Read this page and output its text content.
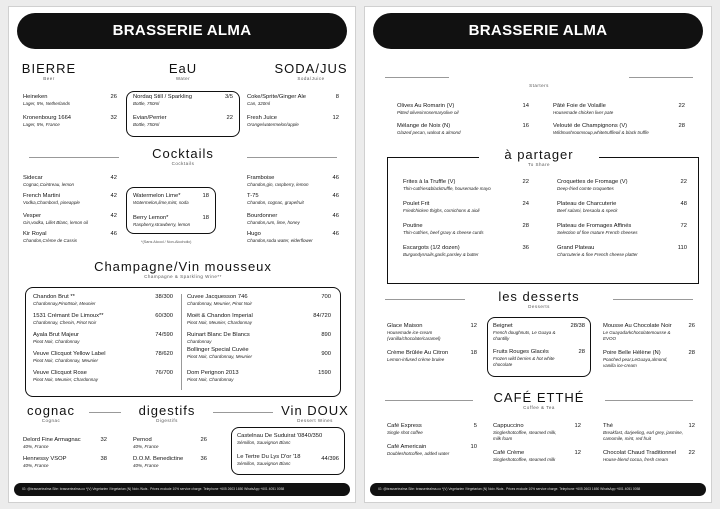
BRASSERIE ALMA
BIERRE
Beer
EaU
Water
SODA/JUS
Soda/Juice
Heineken
Lager, 5%, Netherlands
26
Kronenbourg 1664
Lager, 5%, France
32
Nordaq Still / Sparkling
Bottle, 750ml
3/5
Evian/Perrier
Bottle, 750ml
22
Coke/Sprite/Ginger Ale
Can, 320ml
8
Fresh Juice
Orange/watermelon/apple
12
Cocktails
Cocktails
Sidecar
Cognac,Cointreau, lemon
42
French Martini
Vodka,Chambord, pineapple
42
Vesper
Gin,vodka, Lillet Blanc, lemon oil
42
Kir Royal
Chandon,Crème de Cassis
46
Watermelon Lime*
Watermelon,lime,mint, soda
18
Berry Lemon*
Raspberry,strawberry, lemon
18
*(Sans Alcool / Non-Alcoholic)
Framboise
Chandon,gin, raspberry, lemon
46
T-75
Chandon, cognac, grapefruit
46
Bourdonner
Chandon,rum, lime, honey
46
Hugo
Chandon,soda water, elderflower
46
Champagne/Vin mousseux
Champagne & Sparkling Wine**
Chandon Brut **
Chardonnay,PinotNoir, Meunier
38/300
1531 Crémant De Limoux**
Chardonnay, Chenin, Pinot Noir
60/300
Ayala Brut Majeur
Pinot Noir, Chardonnay
74/590
Veuve Clicquot Yellow Label
Pinot Noir, Chardonnay, Meunier
78/620
Veuve Clicquot Rose
Pinot Noir, Meunier, Chardonnay
76/700
Cuvee Jacquesson 746
Chardonnay, Meunier, Pinot Noir
700
Moët & Chandon Imperial
Pinot Noir, Meunier, Chardonnay
84/720
Ruinart Blanc De Blancs
Chardonnay
890
Bollinger Special Cuvée
Pinot Noir, Chardonnay, Meunier	900
Dom Perignon 2013
Pinot Noir, Chardonnay
1590
cognac
Cognac
digestifs
Digestifs
Vin DOUX
Dessert Wines
Delord Fine Armagnac
40%, France
32
Hennessy VSOP
40%, France
38
Pernod
40%, France
26
D.O.M. Benedictine
40%, France
36
Castelnau De Suduirat '0840/350
Sémillon, Sauvignon Blanc
Le Tertre Du Lys D'or '18
Sémillon, Sauvignon Blanc
44/396
IG: @brasseriealma Site: brasseriealma.co *(V) Vegetarien /Vegetarian (N) Noix /Nuts . Prices exclude 10% service charge. Telephone +605 2603 1650 WhatsApp +601 4051 0058
BRASSERIE ALMA
Starters
Olives Au Romarin (V)
Pitted olivesinrosemaryolive oil
14
Mélange de Noix (N)
Glazed pecan, walnut & almond
16
Pâté Foie de Volaille
Housemade chicken liver pate
22
Velouté de Champignons (V)
Wildmushroomsoup,whitetruffleoil & black truffle
28
à partager
To Share
Frites à la Truffle (V)
Thin-cutfries&blacktruffle, housemade mayo
22
Poulet Frit
Friedchicken thighs, cornichons & aioli
24
Poutine
Thin-cutfries, beef gravy & cheese curds
28
Escargots (1/2 dozen)
Burgundysnails,garlic,parsley & butter
36
Croquettes de Fromage (V)
Deep-fried comte croquettes
22
Plateau de Charcuterie
Beef salami, bresaola & speck
48
Plateau de Fromages Affinés
Selection of fine mature French cheeses
72
Grand Plateau
Charcuterie & fine French cheese platter
110
les desserts
Desserts
Glace Maison
Housemade ice-cream (vanilla/chocolate/caramel)
12
Crème Brûlée Au Citron
Lemon-infused crème brulee
18
Beignet
French doughnuts, Le Guaya & chantilly
28/38
Fruits Rouges Glacés
Frozen wild berries & hot white chocolate
28
Mousse Au Chocolate Noir
Le Guayadarkchocolatemousse & EVOO
26
Poire Belle Hélène (N)
Poached pear,LeGuaya,almond, vanilla ice-cream
28
CAFÉ ETTHÉ
Coffee & Tea
Café Express
Single shot coffee
5
Café Americain
Doubleshotcoffee, added water
10
Cappuccino
Singleshotcoffee, steamed milk, milk foam
12
Café Crème
Singleshotcoffee, steamed milk
12
Thé
Breakfast, darjeeling, earl grey, jasmine, camomile, mint, red fruit
12
Chocolat Chaud Traditionnel
House-blend cocoa, fresh cream
22
IG: @brasseriealma Site: brasseriealma.co *(V) Vegetarien /Vegetarian (N) Noix /Nuts . Prices exclude 10% service charge. Telephone +605 2603 1650 WhatsApp +601 4051 0058
